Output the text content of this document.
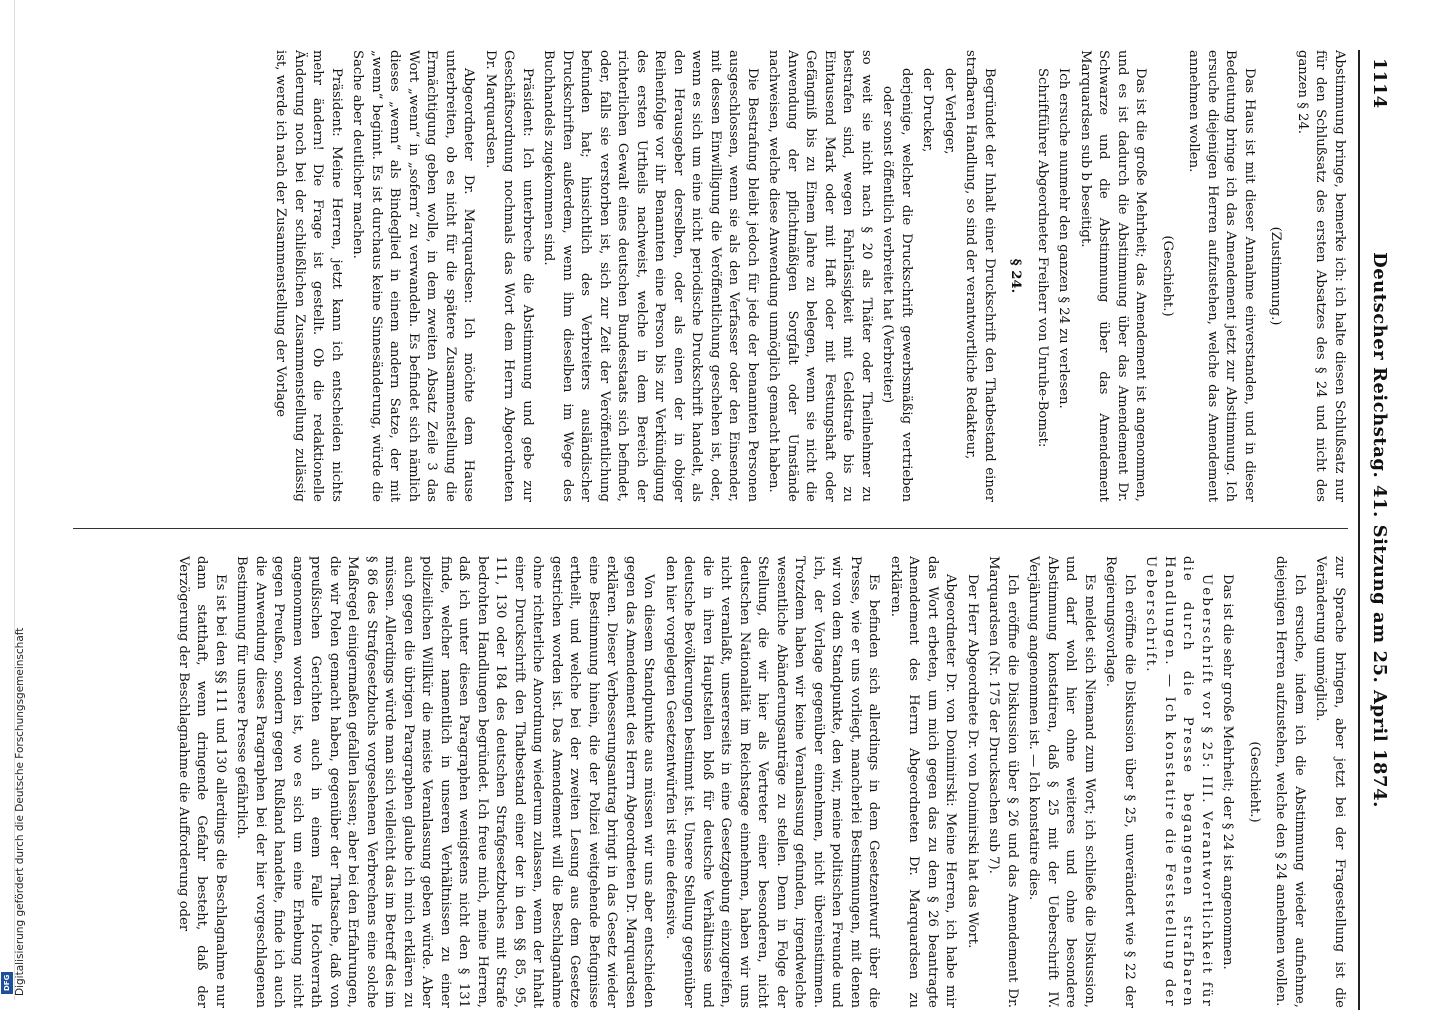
Digitalisierung gefördert durch die Deutsche Forschungsgemeinschaft
DFG
1114
Deutscher Reichstag. 41. Sitzung am 25. April 1874.

Abstimmung bringe, bemerke ich: ich halte diesen Schlußsatz nur für den Schlußsatz des ersten Absatzes des § 24 und nicht des ganzen § 24.

(Zustimmung.)

Das Haus ist mit dieser Annahme einverstanden, und in dieser Bedeutung bringe ich das Amendement jetzt zur Abstimmung. Ich ersuche diejenigen Herren aufzustehen, welche das Amendement annehmen wollen.

(Geschieht.)

Das ist die große Mehrheit; das Amendement ist angenommen, und es ist dadurch die Abstimmung über das Amendement Dr. Schwarze und die Abstimmung über das Amendement Marquardsen sub b beseitigt.

Ich ersuche nunmehr den ganzen § 24 zu verlesen.

Schriftführer Abgeordneter Freiherr von Unruhe-Bomst:

§ 24.

Begründet der Inhalt einer Druckschrift den Thatbestand einer strafbaren Handlung, so sind der verantwortliche Redakteur,

der Verleger,

der Drucker,

derjenige, welcher die Druckschrift gewerbsmäßig vertrieben oder sonst öffentlich verbreitet hat (Verbreiter)

so weit sie nicht nach § 20 als Thäter oder Theilnehmer zu bestrafen sind, wegen Fahrlässigkeit mit Geldstrafe bis zu Eintausend Mark oder mit Haft oder mit Festungshaft oder Gefängniß bis zu Einem Jahre zu belegen, wenn sie nicht die Anwendung der pflichtmäßigen Sorgfalt oder Umstände nachweisen, welche diese Anwendung unmöglich gemacht haben.

Die Bestrafung bleibt jedoch für jede der benannten Personen ausgeschlossen, wenn sie als den Verfasser oder den Einsender, mit dessen Einwilligung die Veröffentlichung geschehen ist, oder, wenn es sich um eine nicht periodische Druckschrift handelt, als den Herausgeber derselben, oder als einen der in obiger Reihenfolge vor ihr Benannten eine Person bis zur Verkündigung des ersten Urtheils nachweist, welche in dem Bereich der richterlichen Gewalt eines deutschen Bundesstaats sich befindet, oder, falls sie verstorben ist, sich zur Zeit der Veröffentlichung befunden hat; hinsichtlich des Verbreiters ausländischer Druckschriften außerdem, wenn ihm dieselben im Wege des Buchhandels zugekommen sind.

Präsident: Ich unterbreche die Abstimmung und gebe zur Geschäftsordnung nochmals das Wort dem Herrn Abgeordneten Dr. Marquardsen.

Abgeordneter Dr. Marquardsen: Ich möchte dem Hause unterbreiten, ob es nicht für die spätere Zusammenstellung die Ermächtigung geben wolle, in dem zweiten Absatz Zeile 3 das Wort „wenn“ in „sofern“ zu verwandeln. Es befindet sich nämlich dieses „wenn“ als Bindeglied in einem andern Satze, der mit „wenn“ beginnt. Es ist durchaus keine Sinnesänderung, würde die Sache aber deutlicher machen.

Präsident: Meine Herren, jetzt kann ich entscheiden nichts mehr ändern! Die Frage ist gestellt. Ob die redaktionelle Änderung noch bei der schließlichen Zusammenstellung zulässig ist, werde ich nach der Zusammenstellung der Vorlage

zur Sprache bringen, aber jetzt bei der Fragestellung ist die Veränderung unmöglich.

Ich ersuche, indem ich die Abstimmung wieder aufnehme, diejenigen Herren aufzustehen, welche den § 24 annehmen wollen.

(Geschieht.)

Das ist die sehr große Mehrheit; der § 24 ist angenommen.

Ueberschrift vor § 25: III. Verantwortlichkeit für die durch die Presse begangenen strafbaren Handlungen. — Ich konstatire die Feststellung der Ueberschrift.

Ich eröffne die Diskussion über § 25, unverändert wie § 22 der Regierungsvorlage.

Es meldet sich Niemand zum Wort; ich schließe die Diskussion, und darf wohl hier ohne weiteres und ohne besondere Abstimmung konstatiren, daß § 25 mit der Ueberschrift IV. Verjährung angenommen ist. — Ich konstatire dies.

Ich eröffne die Diskussion über § 26 und das Amendement Dr. Marquardsen (Nr. 175 der Drucksachen sub 7).

Der Herr Abgeordnete Dr. von Donimirski hat das Wort.

Abgeordneter Dr. von Donimirski: Meine Herren, ich habe mir das Wort erbeten, um mich gegen das zu dem § 26 beantragte Amendement des Herrn Abgeordneten Dr. Marquardsen zu erklären.

Es befinden sich allerdings in dem Gesetzentwurf über die Presse, wie er uns vorliegt, mancherlei Bestimmungen, mit denen wir von dem Standpunkte, den wir, meine politischen Freunde und ich, der Vorlage gegenüber einnehmen, nicht übereinstimmen. Trotzdem haben wir keine Veranlassung gefunden, irgendwelche wesentliche Abänderungsanträge zu stellen. Denn in Folge der Stellung, die wir hier als Vertreter einer besonderen, nicht deutschen Nationalität im Reichstage einnehmen, haben wir uns nicht veranlaßt, unsererseits in eine Gesetzgebung einzugreifen, die in ihren Hauptstellen bloß für deutsche Verhältnisse und deutsche Bevölkerungen bestimmt ist. Unsere Stellung gegenüber den hier vorgelegten Gesetzentwürfen ist eine defensive.

Von diesem Standpunkte aus müssen wir uns aber entschieden gegen das Amendement des Herrn Abgeordneten Dr. Marquardsen erklären. Dieser Verbesserungsantrag bringt in das Gesetz wieder eine Bestimmung hinein, die der Polizei weitgehende Befugnisse ertheilt, und welche bei der zweiten Lesung aus dem Gesetze gestrichen worden ist. Das Amendement will die Beschlagnahme ohne richterliche Anordnung wiederum zulassen, wenn der Inhalt einer Druckschrift den Thatbestand einer der in den §§ 85, 95, 111, 130 oder 184 des deutschen Strafgesetzbuches mit Strafe bedrohten Handlungen begründet. Ich freue mich, meine Herren, daß ich unter diesen Paragraphen wenigstens nicht den § 131 finde, welcher namentlich in unseren Verhältnissen zu einer polizeilichen Willkür die meiste Veranlassung geben würde. Aber auch gegen die übrigen Paragraphen glaube ich mich erklären zu müssen. Allerdings würde man sich vielleicht das im Betreff des im § 86 des Strafgesetzbuchs vorgesehenen Verbrechens eine solche Maßregel einigermaßen gefallen lassen; aber bei den Erfahrungen, die wir Polen gemacht haben, gegenüber der Thatsache, daß von preußischen Gerichten auch in einem Falle Hochverrath angenommen worden ist, wo es sich um eine Erhebung nicht gegen Preußen, sondern gegen Rußland handelte, finde ich auch die Anwendung dieses Paragraphen bei der hier vorgeschlagenen Bestimmung für unsere Presse gefährlich.

Es ist bei den §§ 111 und 130 allerdings die Beschlagnahme nur dann statthaft, wenn dringende Gefahr besteht, daß der Verzögerung der Beschlagnahme die Aufforderung oder
